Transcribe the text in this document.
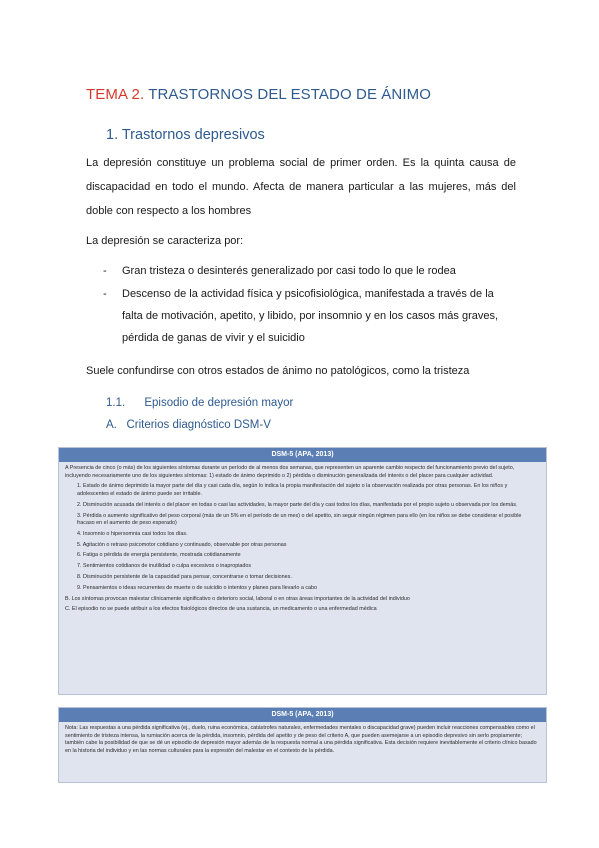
TEMA 2. TRASTORNOS DEL ESTADO DE ÁNIMO
1. Trastornos depresivos
La depresión constituye un problema social de primer orden. Es la quinta causa de discapacidad en todo el mundo. Afecta de manera particular a las mujeres, más del doble con respecto a los hombres
La depresión se caracteriza por:
- Gran tristeza o desinterés generalizado por casi todo lo que le rodea
- Descenso de la actividad física y psicofisiológica, manifestada a través de la falta de motivación, apetito, y libido, por insomnio y en los casos más graves, pérdida de ganas de vivir y el suicidio
Suele confundirse con otros estados de ánimo no patológicos, como la tristeza
1.1.      Episodio de depresión mayor
A.   Criterios diagnóstico DSM-V
DSM-5 (APA, 2013)

A Presencia de cinco (o más) de los siguientes síntomas durante un período de al menos dos semanas, que representen un aparente cambio respecto del funcionamiento previo del sujeto, incluyendo necesariamente uno de los siguientes síntomas: 1) estado de ánimo deprimido o 2) pérdida o disminución generalizada del interés o del placer para cualquier actividad.

1. Estado de ánimo deprimido la mayor parte del día y casi cada día, según lo indica la propia manifestación del sujeto o la observación realizada por otras personas. En los niños y adolescentes el estado de ánimo puede ser irritable.

2. Disminución acusada del interés o del placer en todas o casi las actividades, la mayor parte del día y casi todos los días, manifestada por el propio sujeto u observada por los demás.

3. Pérdida o aumento significativo del peso corporal (más de un 5% en el período de un mes) o del apetito, sin seguir ningún régimen para ello (en los niños se debe considerar el posible fracaso en el aumento de peso esperado)

4. Insomnio o hipersomnia casi todos los días.

5. Agitación o retraso psicomotor cotidiano y continuado, observable por otras personas

6. Fatiga o pérdida de energía persistente, mostrada cotidianamente

7. Sentimientos cotidianos de inutilidad o culpa excesivos o inapropiados

8. Disminución persistente de la capacidad para pensar, concentrarse o tomar decisiones.

9. Pensamientos o ideas recurrentes de muerte o de suicidio o intentos y planes para llevarlo a cabo

B. Los síntomas provocan malestar clínicamente significativo o deterioro social, laboral o en otras áreas importantes de la actividad del individuo

C. El episodio no se puede atribuir a los efectos fisiológicos directos de una sustancia, un medicamento o una enfermedad médica

DSM-5 (APA, 2013)

Nota: Las respuestas a una pérdida significativa (ej., duelo, ruina económica, catástrofes naturales, enfermedades mentales o discapacidad grave) pueden incluir reacciones compensables como el sentimiento de tristeza intensa, la rumiación acerca de la pérdida, insomnio, pérdida del apetito y de peso del criterio A, que pueden asemejarse a un episodio depresivo sin serlo propiamente; también cabe la posibilidad de que se dé un episodio de depresión mayor además de la respuesta normal a una pérdida significativa. Esta decisión requiere inevitablemente el criterio clínico basado en la historia del individuo y en las normas culturales para la expresión del malestar en el contexto de la pérdida.
